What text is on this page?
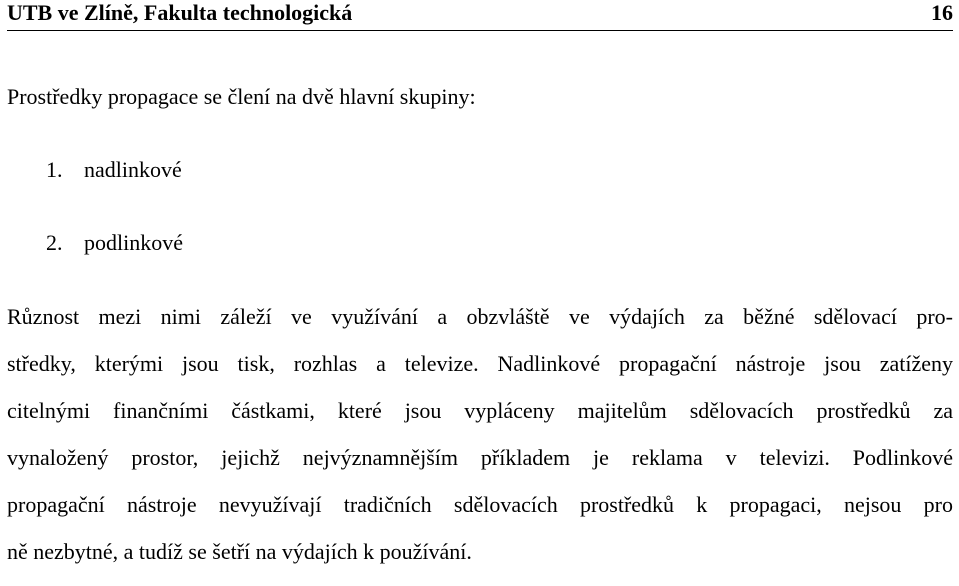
UTB ve Zlíně, Fakulta technologická	16
Prostředky propagace se člení na dvě hlavní skupiny:
1. nadlinkové
2. podlinkové
Různost mezi nimi záleží ve využívání a obzvláště ve výdajích za běžné sdělovací pro-
středky, kterými jsou tisk, rozhlas a televize. Nadlinkové propagační nástroje jsou zatíženy
citelnými finančními částkami, které jsou vypláceny majitelům sdělovacích prostředků za
vynaložený prostor, jejichž nejvýznamnějším příkladem je reklama v televizi. Podlinkové
propagační nástroje nevyužívají tradičních sdělovacích prostředků k propagaci, nejsou pro
ně nezbytné, a tudíž se šetří na výdajích k používání.
